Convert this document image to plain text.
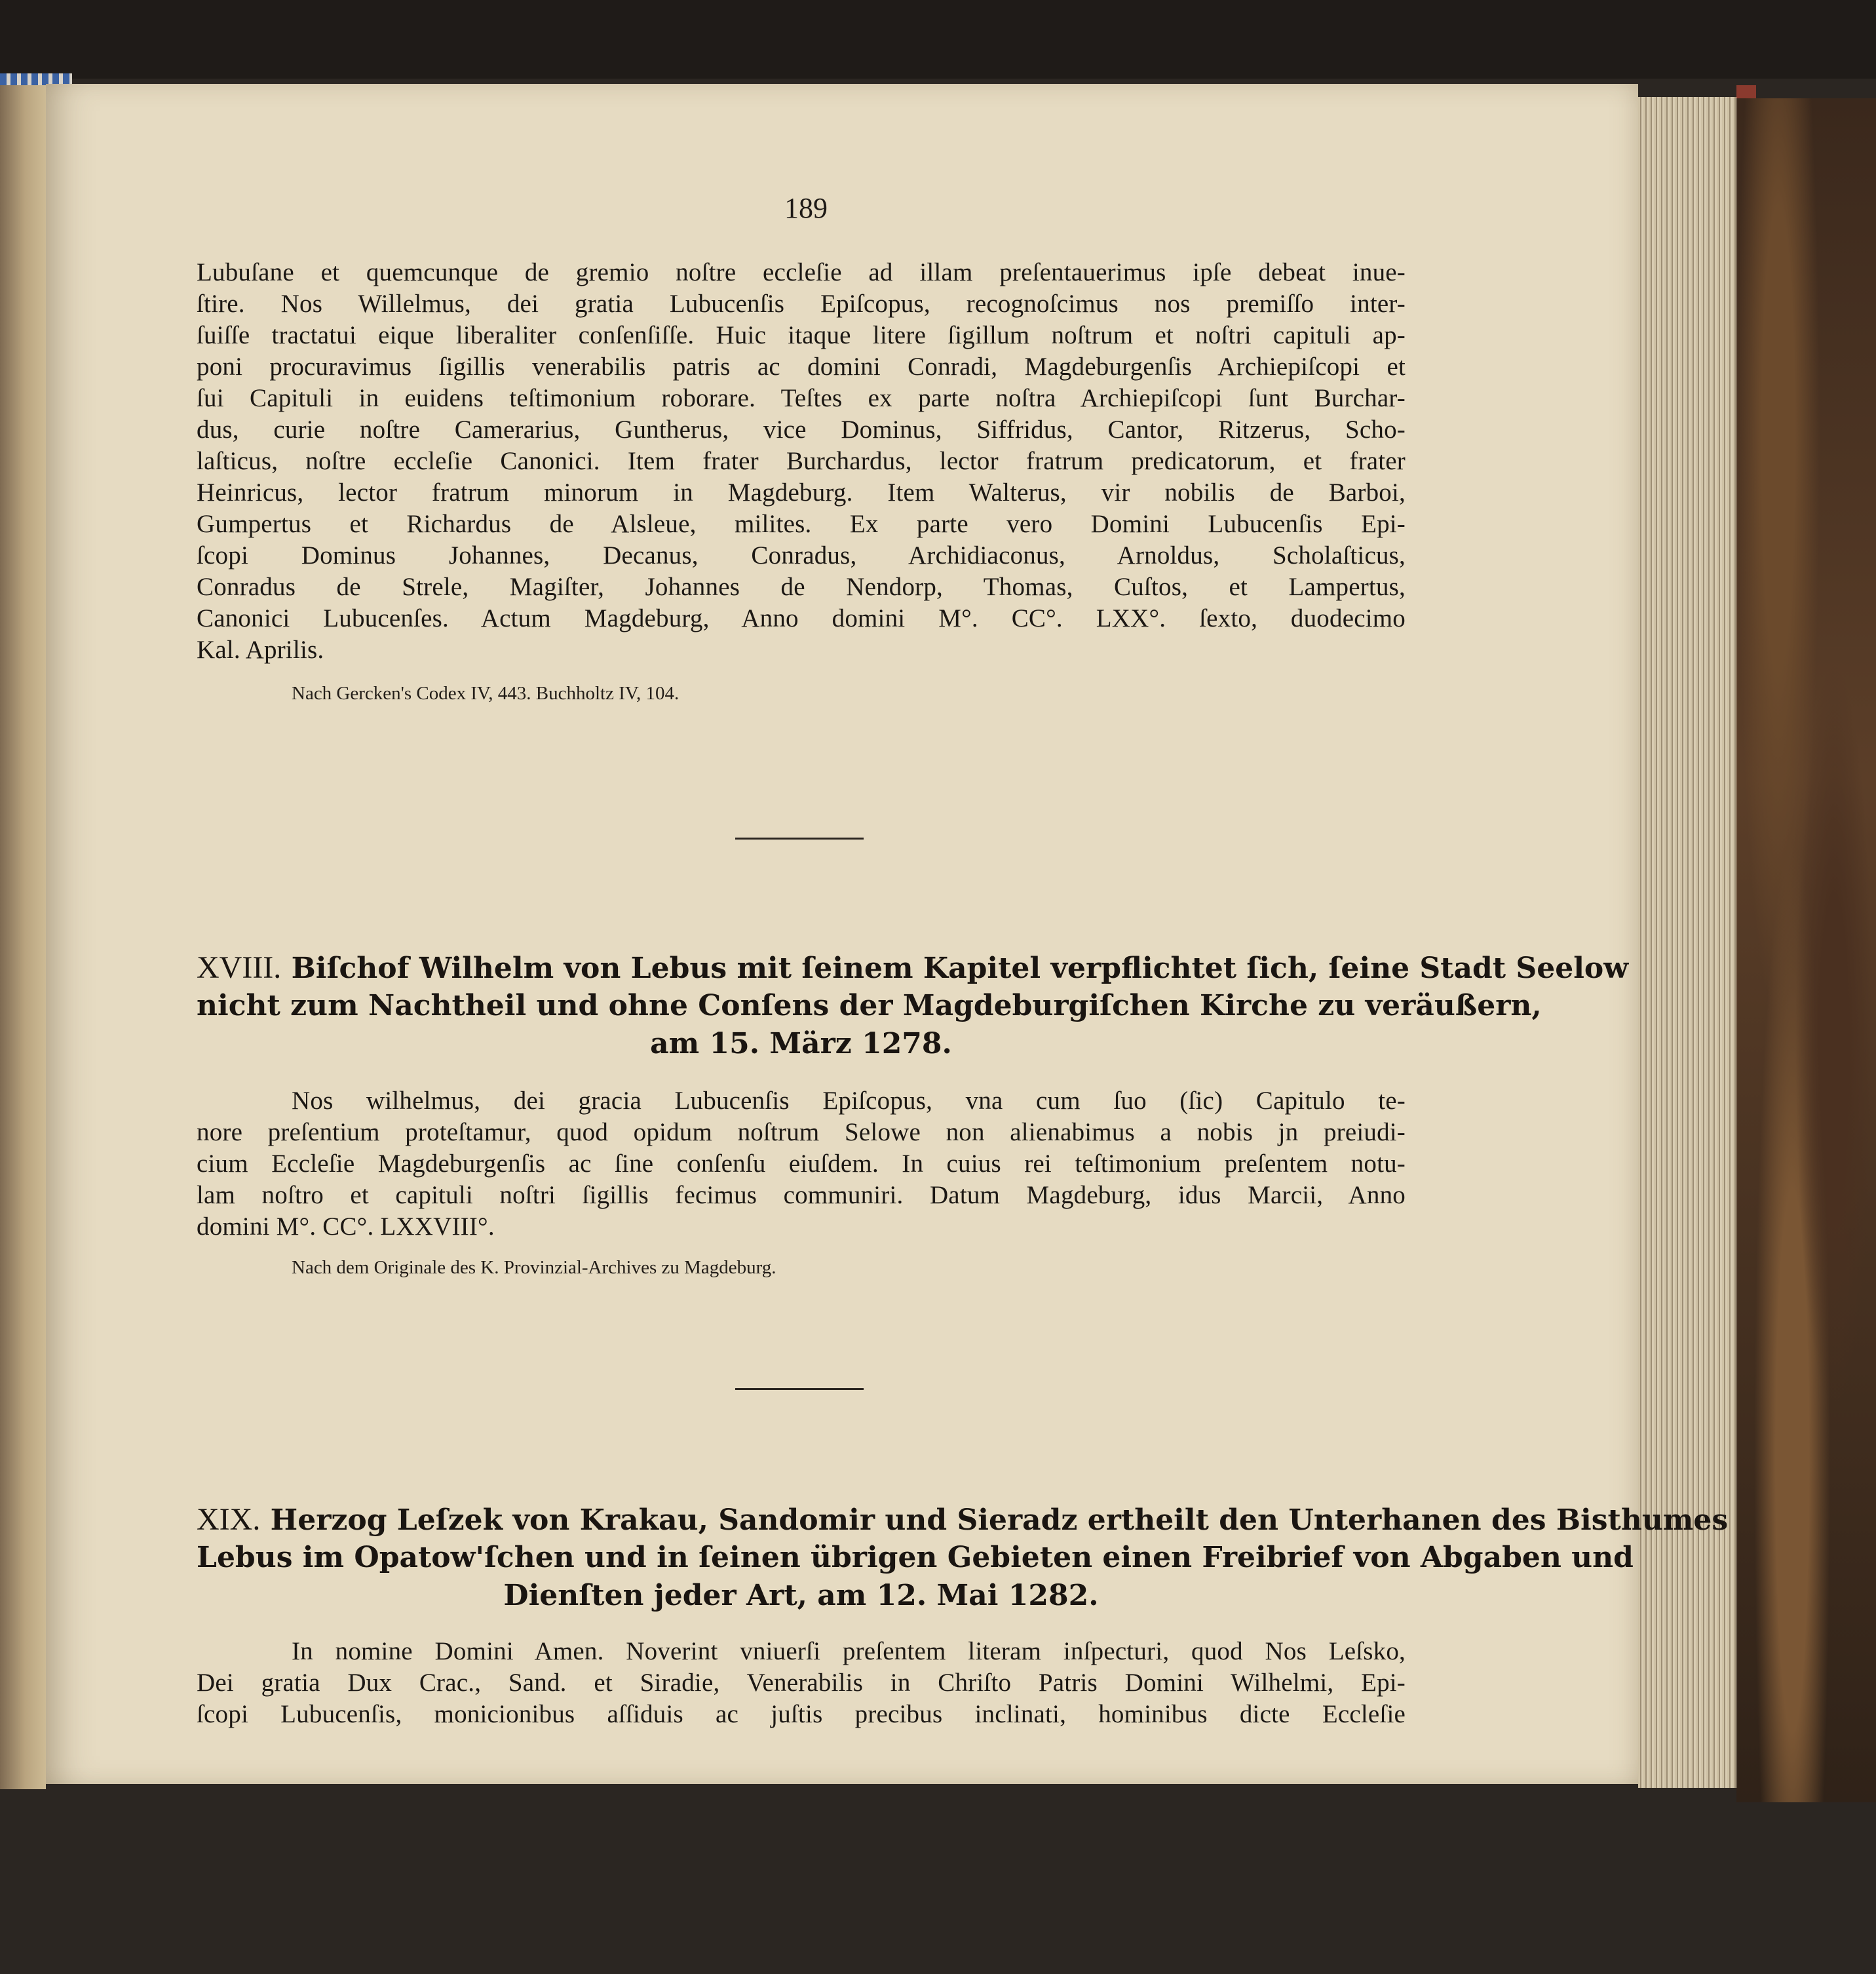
189
Lubuſane et quemcunque de gremio noſtre eccleſie ad illam preſentauerimus ipſe debeat inue-
ſtire. Nos Willelmus, dei gratia Lubucenſis Epiſcopus, recognoſcimus nos premiſſo inter-
ſuiſſe tractatui eique liberaliter conſenſiſſe. Huic itaque litere ſigillum noſtrum et noſtri capituli ap-
poni procuravimus ſigillis venerabilis patris ac domini Conradi, Magdeburgenſis Archiepiſcopi et
ſui Capituli in euidens teſtimonium roborare. Teſtes ex parte noſtra Archiepiſcopi ſunt Burchar-
dus, curie noſtre Camerarius, Guntherus, vice Dominus, Siffridus, Cantor, Ritzerus, Scho-
laſticus, noſtre eccleſie Canonici. Item frater Burchardus, lector fratrum predicatorum, et frater
Heinricus, lector fratrum minorum in Magdeburg. Item Walterus, vir nobilis de Barboi,
Gumpertus et Richardus de Alsleue, milites. Ex parte vero Domini Lubucenſis Epi-
ſcopi Dominus Johannes, Decanus, Conradus, Archidiaconus, Arnoldus, Scholaſticus,
Conradus de Strele, Magiſter, Johannes de Nendorp, Thomas, Cuſtos, et Lampertus,
Canonici Lubucenſes. Actum Magdeburg, Anno domini M°. CC°. LXX°. ſexto, duodecimo
Kal. Aprilis.
Nach Gercken's Codex IV, 443. Buchholtz IV, 104.
XVIII. Biſchof Wilhelm von Lebus mit ſeinem Kapitel verpflichtet ſich, ſeine Stadt Seelow
nicht zum Nachtheil und ohne Conſens der Magdeburgiſchen Kirche zu veräußern,
am 15. März 1278.
Nos wilhelmus, dei gracia Lubucenſis Epiſcopus, vna cum ſuo (ſic) Capitulo te-
nore preſentium proteſtamur, quod opidum noſtrum Selowe non alienabimus a nobis jn preiudi-
cium Eccleſie Magdeburgenſis ac ſine conſenſu eiuſdem. In cuius rei teſtimonium preſentem notu-
lam noſtro et capituli noſtri ſigillis fecimus communiri. Datum Magdeburg, idus Marcii, Anno
domini M°. CC°. LXXVIII°.
Nach dem Originale des K. Provinzial-Archives zu Magdeburg.
XIX. Herzog Leſzek von Krakau, Sandomir und Sieradz ertheilt den Unterhanen des Bisthumes
Lebus im Opatow'ſchen und in ſeinen übrigen Gebieten einen Freibrief von Abgaben und
Dienſten jeder Art, am 12. Mai 1282.
In nomine Domini Amen. Noverint vniuerſi preſentem literam inſpecturi, quod Nos Leſsko,
Dei gratia Dux Crac., Sand. et Siradie, Venerabilis in Chriſto Patris Domini Wilhelmi, Epi-
ſcopi Lubucenſis, monicionibus aſſiduis ac juſtis precibus inclinati, hominibus dicte Eccleſie
